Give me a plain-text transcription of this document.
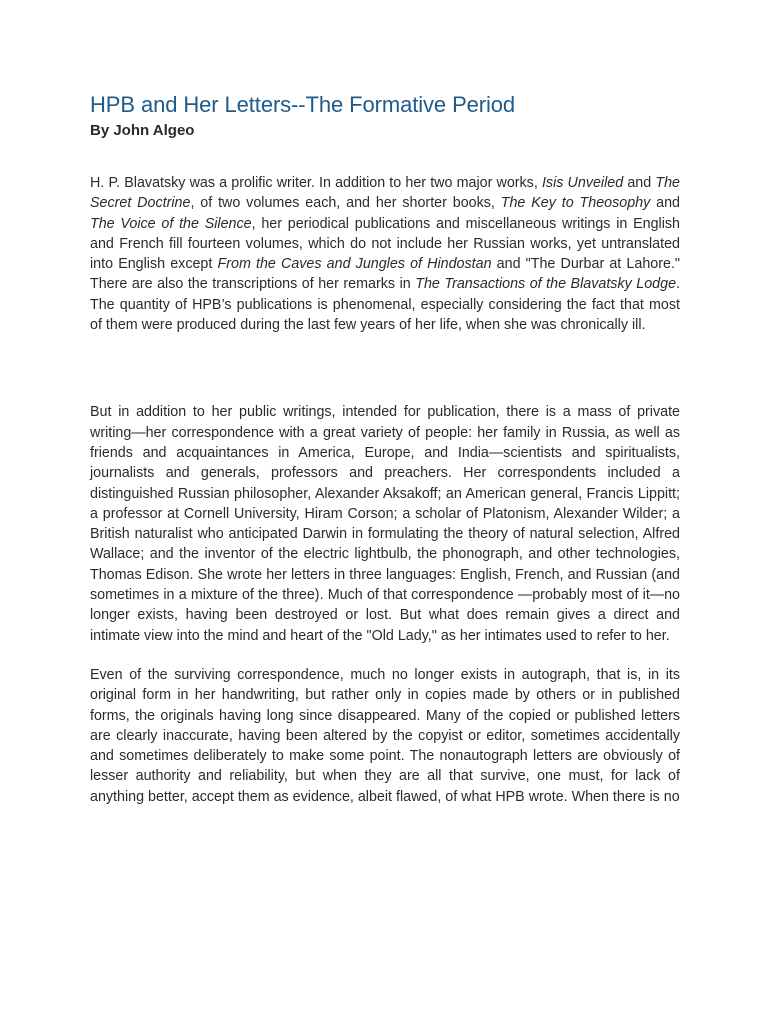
HPB and Her Letters--The Formative Period
By John Algeo

H. P. Blavatsky was a prolific writer. In addition to her two major works, Isis Unveiled and The Secret Doctrine, of two volumes each, and her shorter books, The Key to Theosophy and The Voice of the Silence, her periodical publications and miscellaneous writings in English and French fill fourteen volumes, which do not include her Russian works, yet untranslated into English except From the Caves and Jungles of Hindostan and "The Durbar at Lahore." There are also the transcriptions of her remarks in The Transactions of the Blavatsky Lodge. The quantity of HPB’s publications is phenomenal, especially considering the fact that most of them were produced during the last few years of her life, when she was chronically ill.

But in addition to her public writings, intended for publication, there is a mass of private writing—her correspondence with a great variety of people: her family in Russia, as well as friends and acquaintances in America, Europe, and India—scientists and spiritualists, journalists and generals, professors and preachers. Her correspondents included a distinguished Russian philosopher, Alexander Aksakoff; an American general, Francis Lippitt; a professor at Cornell University, Hiram Corson; a scholar of Platonism, Alexander Wilder; a British naturalist who anticipated Darwin in formulating the theory of natural selection, Alfred Wallace; and the inventor of the electric lightbulb, the phonograph, and other technologies, Thomas Edison. She wrote her letters in three languages: English, French, and Russian (and sometimes in a mixture of the three). Much of that correspondence —probably most of it—no longer exists, having been destroyed or lost. But what does remain gives a direct and intimate view into the mind and heart of the "Old Lady," as her intimates used to refer to her.

Even of the surviving correspondence, much no longer exists in autograph, that is, in its original form in her handwriting, but rather only in copies made by others or in published forms, the originals having long since disappeared. Many of the copied or published letters are clearly inaccurate, having been altered by the copyist or editor, sometimes accidentally and sometimes deliberately to make some point. The nonautograph letters are obviously of lesser authority and reliability, but when they are all that survive, one must, for lack of anything better, accept them as evidence, albeit flawed, of what HPB wrote. When there is no
